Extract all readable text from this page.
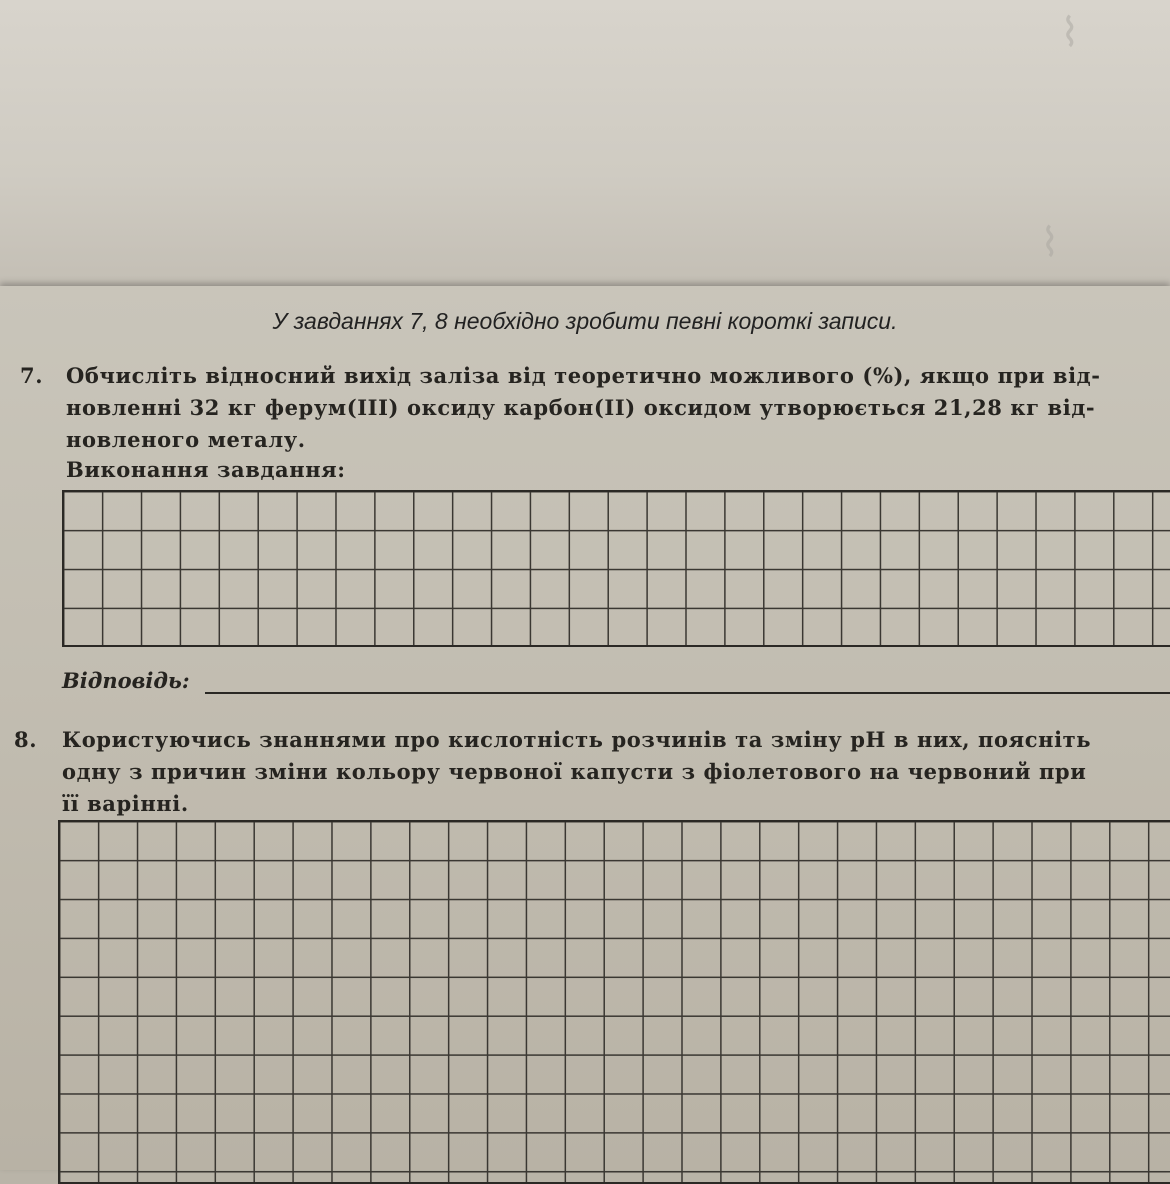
⌇
⌇
У завданнях 7, 8 необхідно зробити певні короткі записи.
7. Обчисліть відносний вихід заліза від теоретично можливого (%), якщо при від-
новленні 32 кг ферум(III) оксиду карбон(II) оксидом утворюється 21,28 кг від-
новленого металу.
Виконання завдання:
Відповідь:
8. Користуючись знаннями про кислотність розчинів та зміну pH в них, поясніть
одну з причин зміни кольору червоної капусти з фіолетового на червоний при
її варінні.
